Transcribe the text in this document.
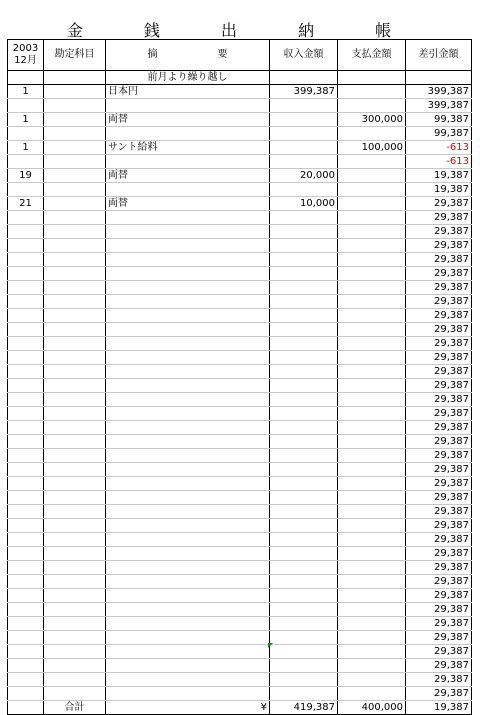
金 銭 出 納 帳
2003
12月	勘定科目	摘 要	収入金額	支払金額	差引金額
		前月より繰り越し			
1		日本円	399,387		399,387
					399,387
1		両替		300,000	99,387
					99,387
1		サント給料		100,000	-613
					-613
19		両替	20,000		19,387
					19,387
21		両替	10,000		29,387
					29,387
					29,387
					29,387
					29,387
					29,387
					29,387
					29,387
					29,387
					29,387
					29,387
					29,387
					29,387
					29,387
					29,387
					29,387
					29,387
					29,387
					29,387
					29,387
					29,387
					29,387
					29,387
					29,387
					29,387
					29,387
					29,387
					29,387
					29,387
					29,387
					29,387
					29,387
					29,387
					29,387
					29,387
					29,387
	合計	¥	419,387	400,000	19,387
